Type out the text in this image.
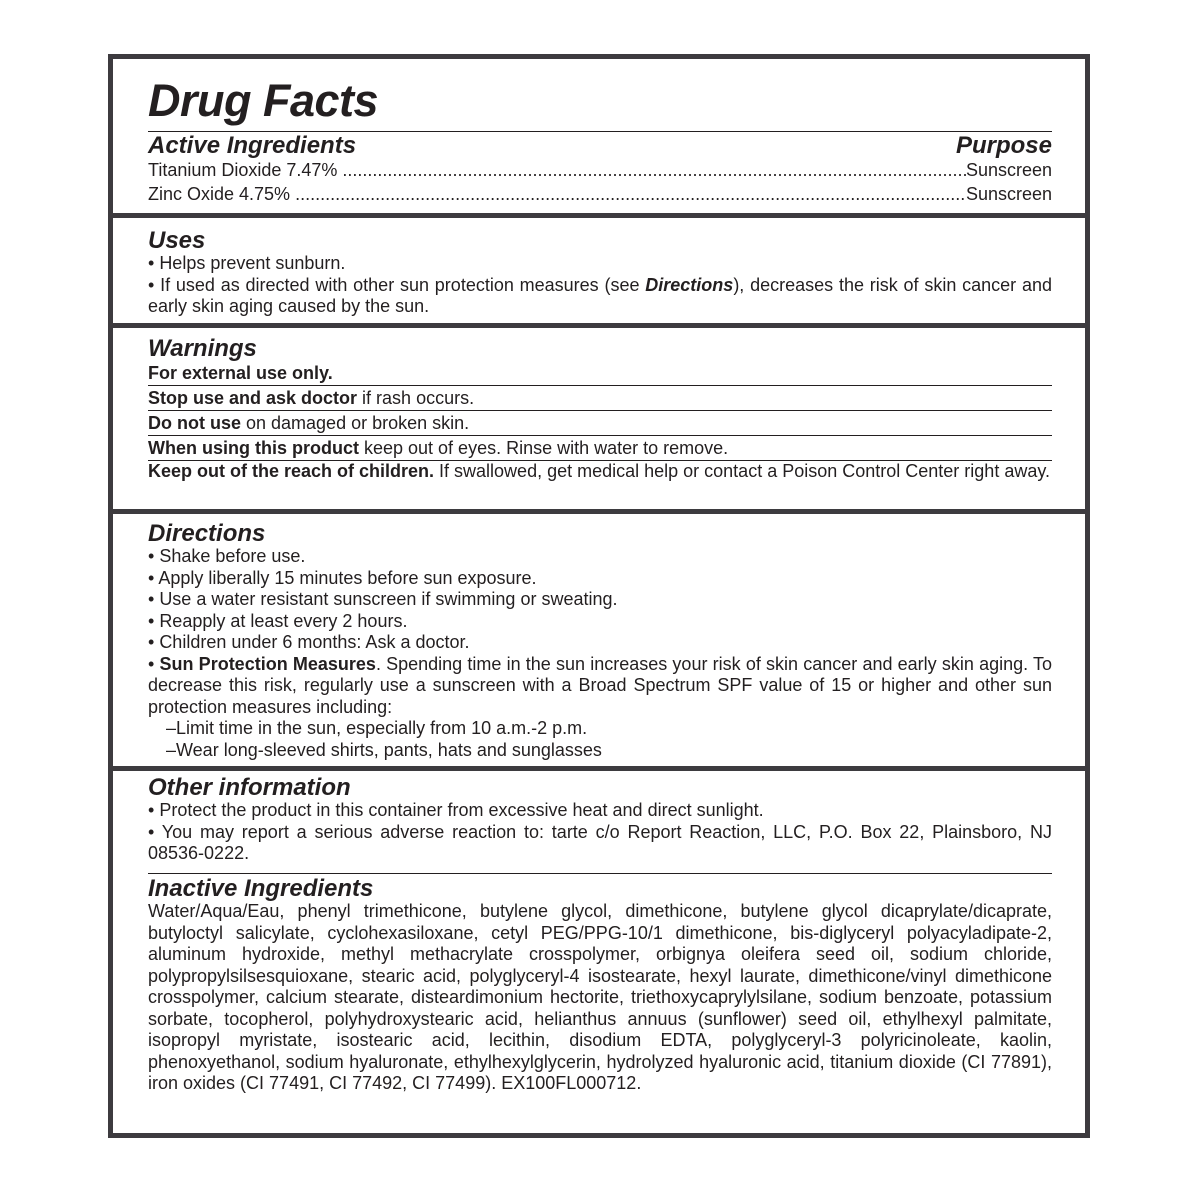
Drug Facts
Active Ingredients	Purpose
Titanium Dioxide 7.47% .....	Sunscreen
Zinc Oxide 4.75% .....	Sunscreen
Uses
• Helps prevent sunburn.
• If used as directed with other sun protection measures (see Directions), decreases the risk of skin cancer and early skin aging caused by the sun.
Warnings
For external use only.
Stop use and ask doctor if rash occurs.
Do not use on damaged or broken skin.
When using this product keep out of eyes. Rinse with water to remove.
Keep out of the reach of children. If swallowed, get medical help or contact a Poison Control Center right away.
Directions
• Shake before use.
• Apply liberally 15 minutes before sun exposure.
• Use a water resistant sunscreen if swimming or sweating.
• Reapply at least every 2 hours.
• Children under 6 months: Ask a doctor.
• Sun Protection Measures. Spending time in the sun increases your risk of skin cancer and early skin aging. To decrease this risk, regularly use a sunscreen with a Broad Spectrum SPF value of 15 or higher and other sun protection measures including:
–Limit time in the sun, especially from 10 a.m.-2 p.m.
–Wear long-sleeved shirts, pants, hats and sunglasses
Other information
• Protect the product in this container from excessive heat and direct sunlight.
• You may report a serious adverse reaction to: tarte c/o Report Reaction, LLC, P.O. Box 22, Plainsboro, NJ 08536-0222.
Inactive Ingredients
Water/Aqua/Eau, phenyl trimethicone, butylene glycol, dimethicone, butylene glycol dicaprylate/dicaprate, butyloctyl salicylate, cyclohexasiloxane, cetyl PEG/PPG-10/1 dimethicone, bis-diglyceryl polyacyladipate-2, aluminum hydroxide, methyl methacrylate crosspolymer, orbignya oleifera seed oil, sodium chloride, polypropylsilsesquioxane, stearic acid, polyglyceryl-4 isostearate, hexyl laurate, dimethicone/vinyl dimethicone crosspolymer, calcium stearate, disteardimonium hectorite, triethoxycaprylylsilane, sodium benzoate, potassium sorbate, tocopherol, polyhydroxystearic acid, helianthus annuus (sunflower) seed oil, ethylhexyl palmitate, isopropyl myristate, isostearic acid, lecithin, disodium EDTA, polyglyceryl-3 polyricinoleate, kaolin, phenoxyethanol, sodium hyaluronate, ethylhexylglycerin, hydrolyzed hyaluronic acid, titanium dioxide (CI 77891), iron oxides (CI 77491, CI 77492, CI 77499). EX100FL000712.
